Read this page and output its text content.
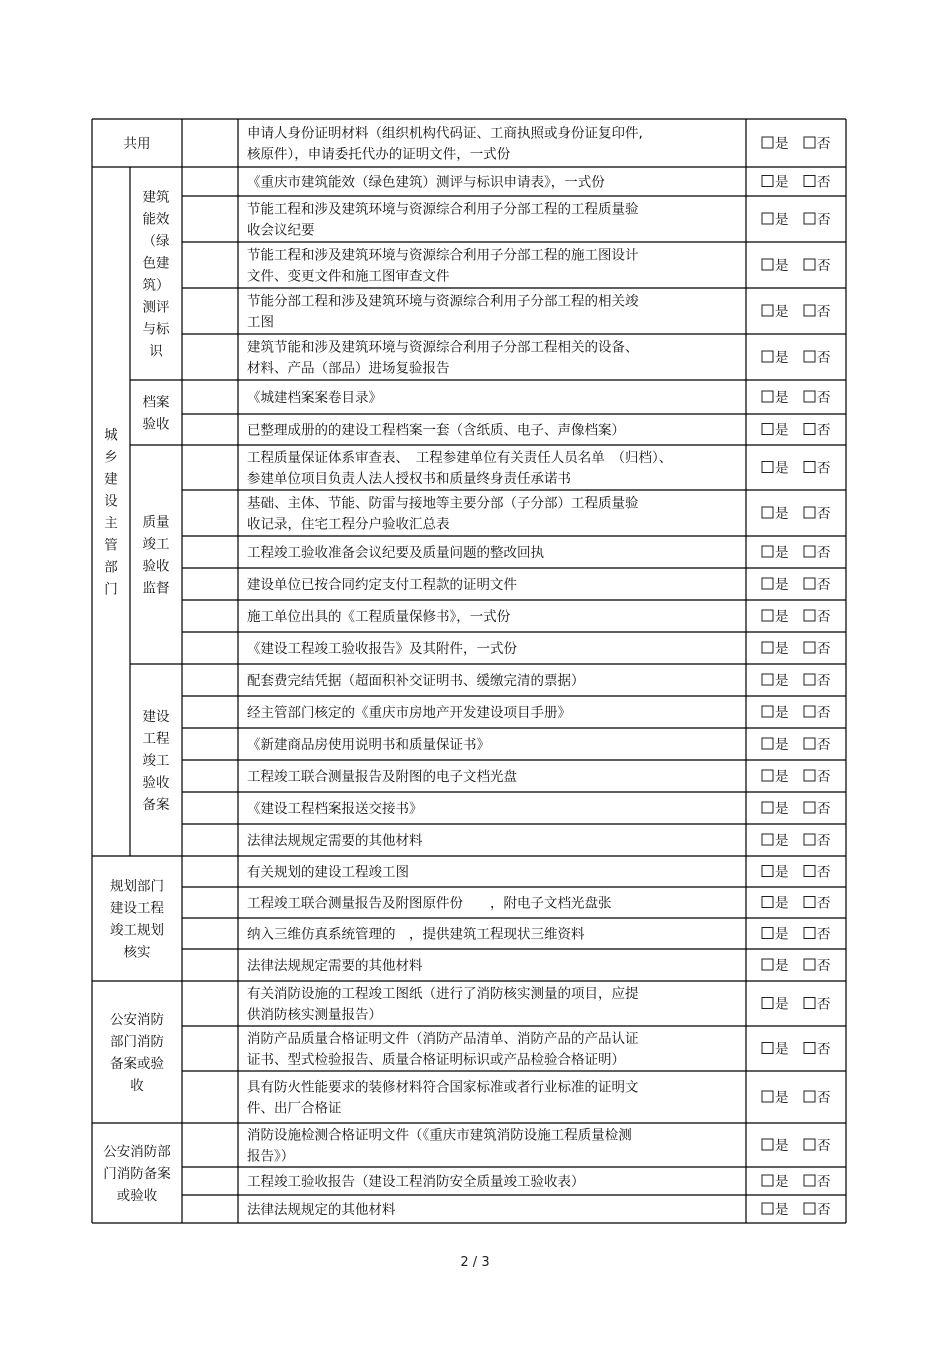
共用
城
乡
建
设
主
管
部
门
规划部门
建设工程
竣工规划
核实
公安消防
部门消防
备案或验
收
公安消防部
门消防备案
或验收
建筑
能效
（绿
色建
筑）
测评
与标
识
档案
验收
质量
竣工
验收
监督
建设
工程
竣工
验收
备案
申请人身份证明材料（组织机构代码证、工商执照或身份证复印件,
核原件），申请委托代办的证明文件，一式份
《重庆市建筑能效（绿色建筑）测评与标识申请表》，一式份
节能工程和涉及建筑环境与资源综合利用子分部工程的工程质量验
收会议纪要
节能工程和涉及建筑环境与资源综合利用子分部工程的施工图设计
文件、变更文件和施工图审查文件
节能分部工程和涉及建筑环境与资源综合利用子分部工程的相关竣
工图
建筑节能和涉及建筑环境与资源综合利用子分部工程相关的设备、
材料、产品（部品）进场复验报告
《城建档案案卷目录》
已整理成册的的建设工程档案一套（含纸质、电子、声像档案）
工程质量保证体系审查表、　工程参建单位有关责任人员名单　（归档）、
参建单位项目负责人法人授权书和质量终身责任承诺书
基础、主体、节能、防雷与接地等主要分部（子分部）工程质量验
收记录，住宅工程分户验收汇总表
工程竣工验收准备会议纪要及质量问题的整改回执
建设单位已按合同约定支付工程款的证明文件
施工单位出具的《工程质量保修书》，一式份
《建设工程竣工验收报告》及其附件，一式份
配套费完结凭据（超面积补交证明书、缓缴完清的票据）
经主管部门核定的《重庆市房地产开发建设项目手册》
《新建商品房使用说明书和质量保证书》
工程竣工联合测量报告及附图的电子文档光盘
《建设工程档案报送交接书》
法律法规规定需要的其他材料
有关规划的建设工程竣工图
工程竣工联合测量报告及附图原件份　　，附电子文档光盘张
纳入三维仿真系统管理的　，提供建筑工程现状三维资料
法律法规规定需要的其他材料
有关消防设施的工程竣工图纸（进行了消防核实测量的项目，应提
供消防核实测量报告）
消防产品质量合格证明文件（消防产品清单、消防产品的产品认证
证书、型式检验报告、质量合格证明标识或产品检验合格证明）
具有防火性能要求的装修材料符合国家标准或者行业标准的证明文
件、出厂合格证
消防设施检测合格证明文件（《重庆市建筑消防设施工程质量检测
报告》）
工程竣工验收报告（建设工程消防安全质量竣工验收表）
法律法规规定的其他材料
是 否
是 否
是 否
是 否
是 否
是 否
是 否
是 否
是 否
是 否
是 否
是 否
是 否
是 否
是 否
是 否
是 否
是 否
是 否
是 否
是 否
是 否
是 否
是 否
是 否
是 否
是 否
是 否
是 否
是 否
2 / 3
